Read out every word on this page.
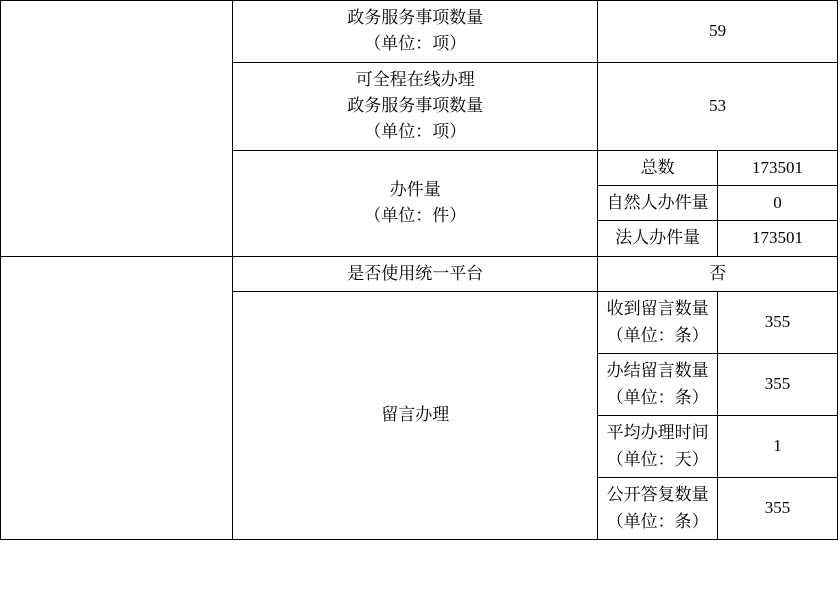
	政务服务事项数量
（单位：项）	59	

	可全程在线办理
政务服务事项数量
（单位：项）	53	

	办件量
（单位：件）	总数	173501
		自然人办件量	0
		法人办件量	173501

	是否使用统一平台	否	

	留言办理	收到留言数量
（单位：条）	355

		办结留言数量
（单位：条）	355

		平均办理时间
（单位：天）	1

		公开答复数量
（单位：条）	355
